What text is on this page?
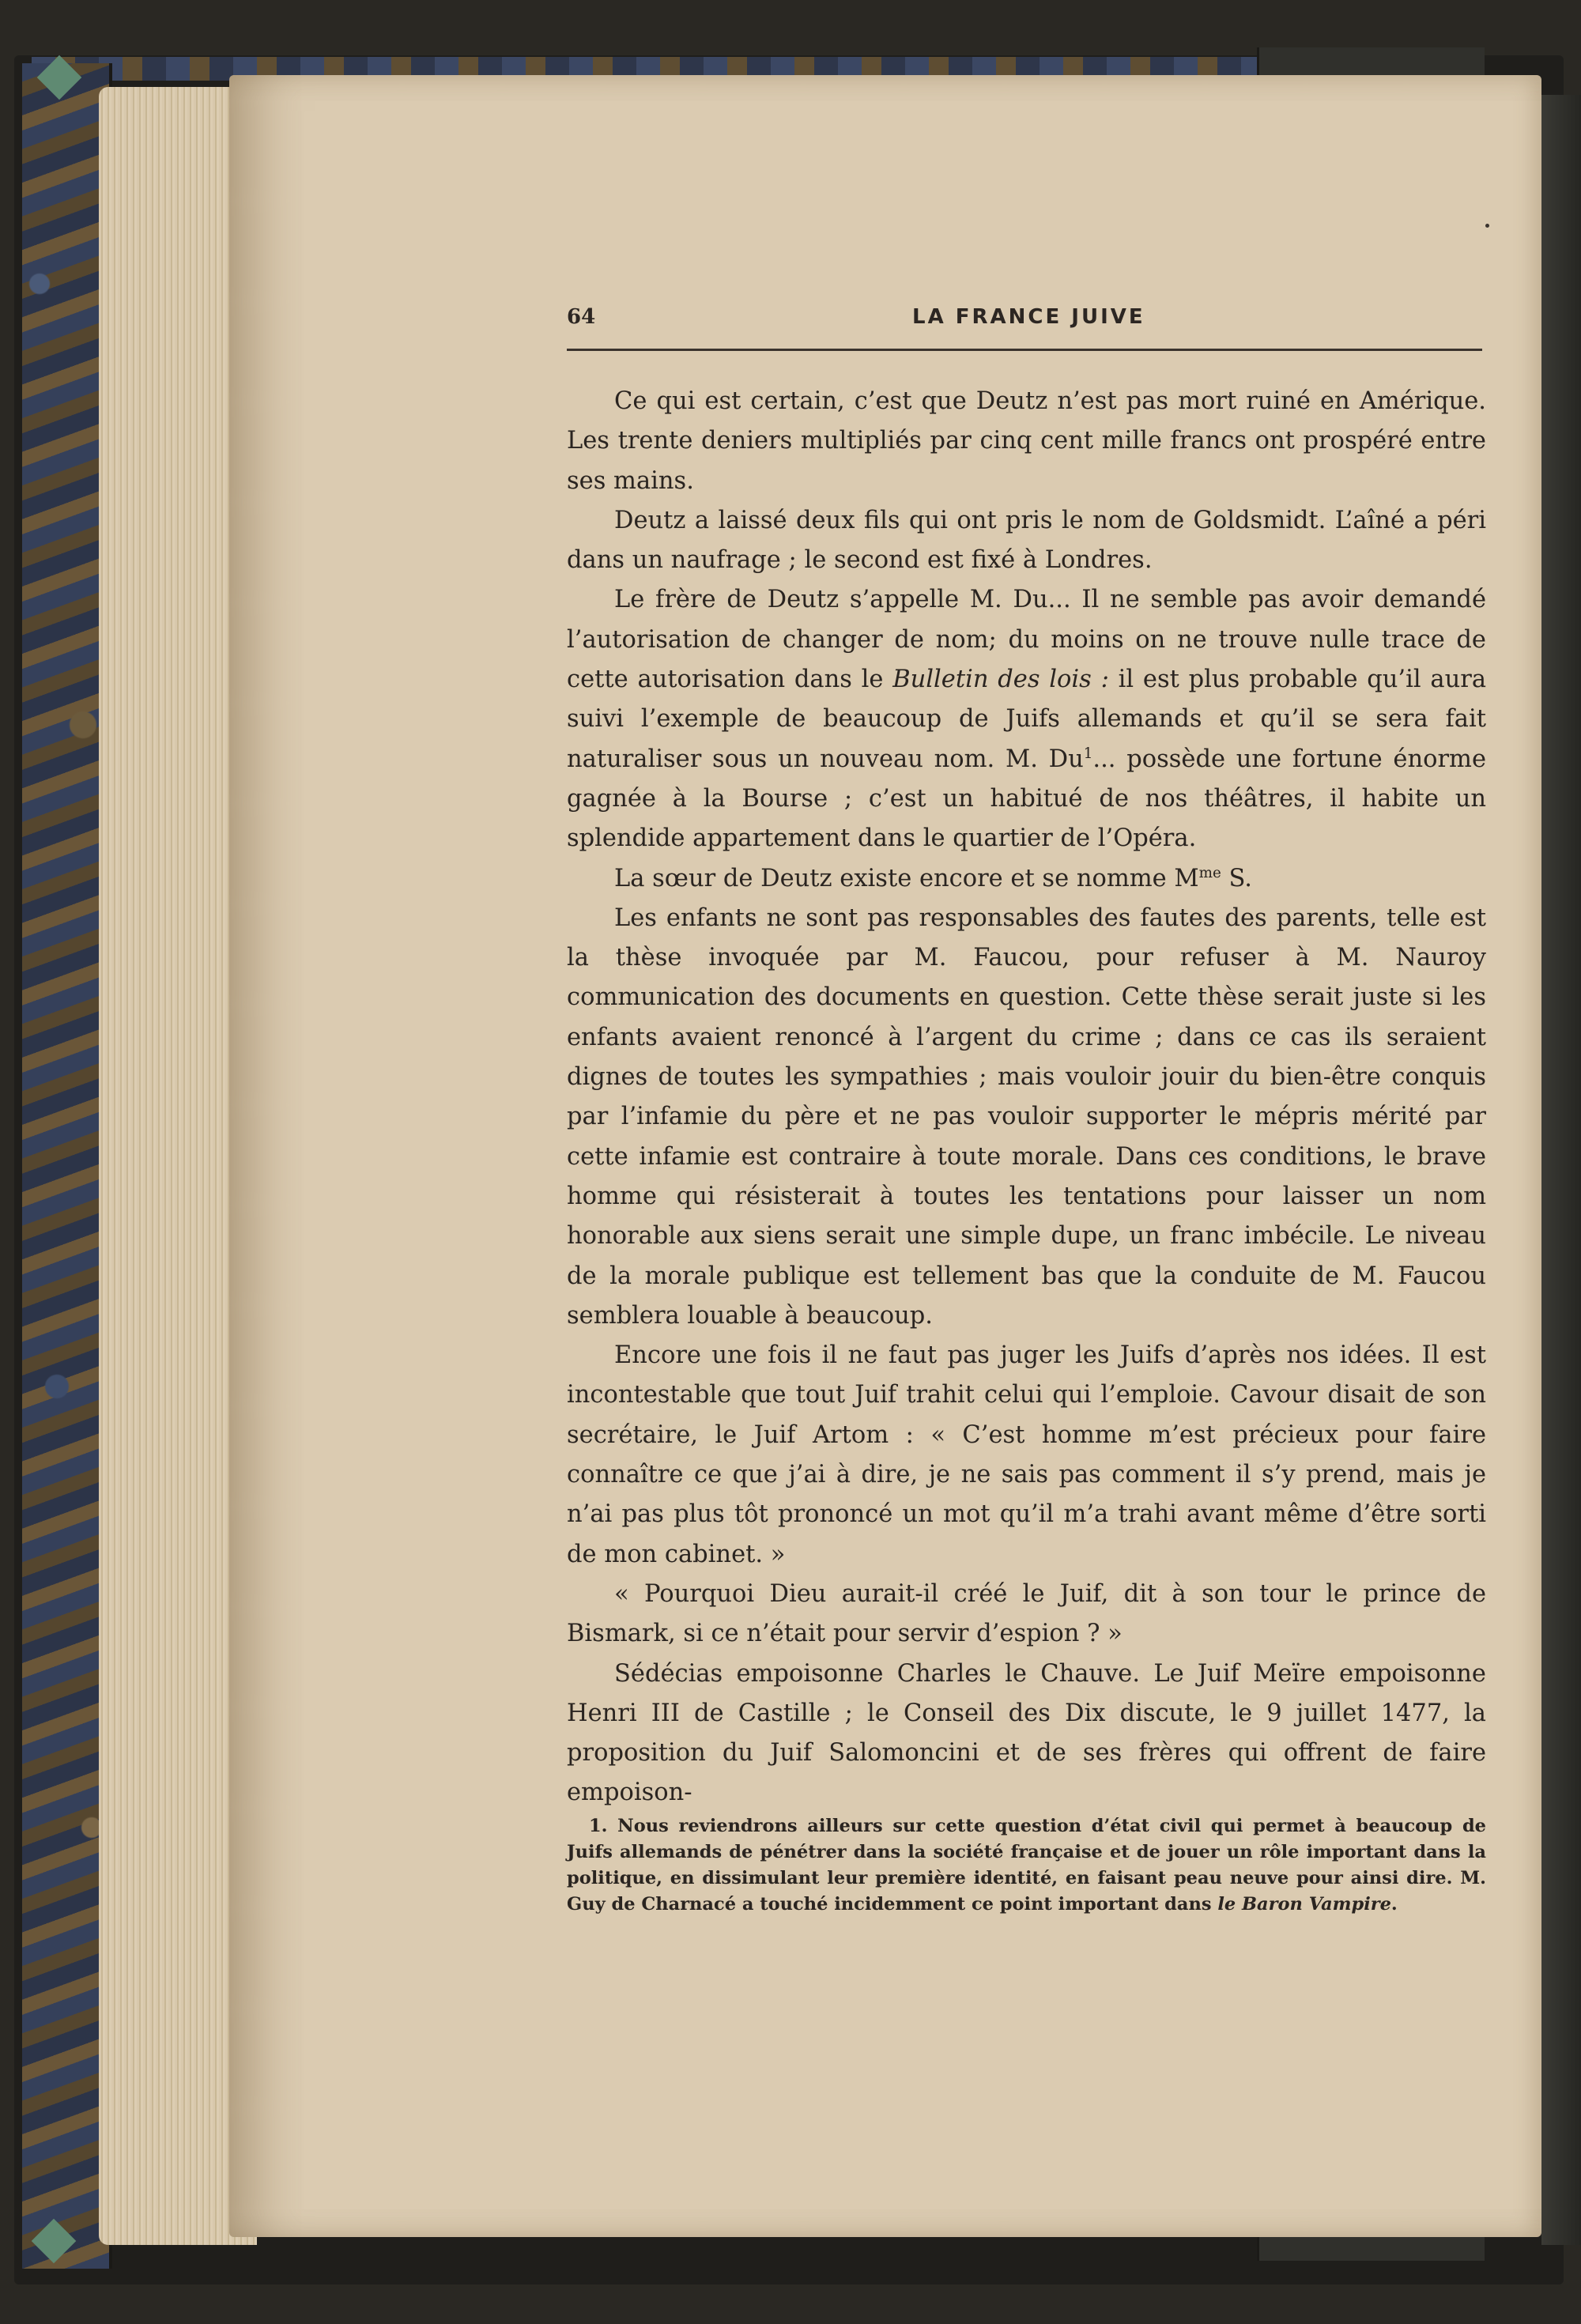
64	LA FRANCE JUIVE

Ce qui est certain, c’est que Deutz n’est pas mort ruiné en Amérique. Les trente deniers multipliés par cinq cent mille francs ont prospéré entre ses mains.

Deutz a laissé deux fils qui ont pris le nom de Goldsmidt. L’aîné a péri dans un naufrage ; le second est fixé à Londres.

Le frère de Deutz s’appelle M. Du... Il ne semble pas avoir demandé l’autorisation de changer de nom; du moins on ne trouve nulle trace de cette autorisation dans le Bulletin des lois : il est plus probable qu’il aura suivi l’exemple de beaucoup de Juifs allemands et qu’il se sera fait naturaliser sous un nouveau nom. M. Du$^1$... possède une fortune énorme gagnée à la Bourse ; c’est un habitué de nos théâtres, il habite un splendide appartement dans le quartier de l’Opéra.

La sœur de Deutz existe encore et se nomme $M^{me}$ S.

Les enfants ne sont pas responsables des fautes des parents, telle est la thèse invoquée par M. Faucou, pour refuser à M. Nauroy communication des documents en question. Cette thèse serait juste si les enfants avaient renoncé à l’argent du crime ; dans ce cas ils seraient dignes de toutes les sympathies ; mais vouloir jouir du bien-être conquis par l’infamie du père et ne pas vouloir supporter le mépris mérité par cette infamie est contraire à toute morale. Dans ces conditions, le brave homme qui résisterait à toutes les tentations pour laisser un nom honorable aux siens serait une simple dupe, un franc imbécile. Le niveau de la morale publique est tellement bas que la conduite de M. Faucou semblera louable à beaucoup.

Encore une fois il ne faut pas juger les Juifs d’après nos idées. Il est incontestable que tout Juif trahit celui qui l’emploie. Cavour disait de son secrétaire, le Juif Artom : « C’est homme m’est précieux pour faire connaître ce que j’ai à dire, je ne sais pas comment il s’y prend, mais je n’ai pas plus tôt prononcé un mot qu’il m’a trahi avant même d’être sorti de mon cabinet. »

« Pourquoi Dieu aurait-il créé le Juif, dit à son tour le prince de Bismark, si ce n’était pour servir d’espion ? »

Sédécias empoisonne Charles le Chauve. Le Juif Meïre empoisonne Henri III de Castille ; le Conseil des Dix discute, le 9 juillet 1477, la proposition du Juif Salomoncini et de ses frères qui offrent de faire empoison-

1. Nous reviendrons ailleurs sur cette question d’état civil qui permet à beaucoup de Juifs allemands de pénétrer dans la société française et de jouer un rôle important dans la politique, en dissimulant leur première identité, en faisant peau neuve pour ainsi dire. M. Guy de Charnacé a touché incidemment ce point important dans le Baron Vampire.
